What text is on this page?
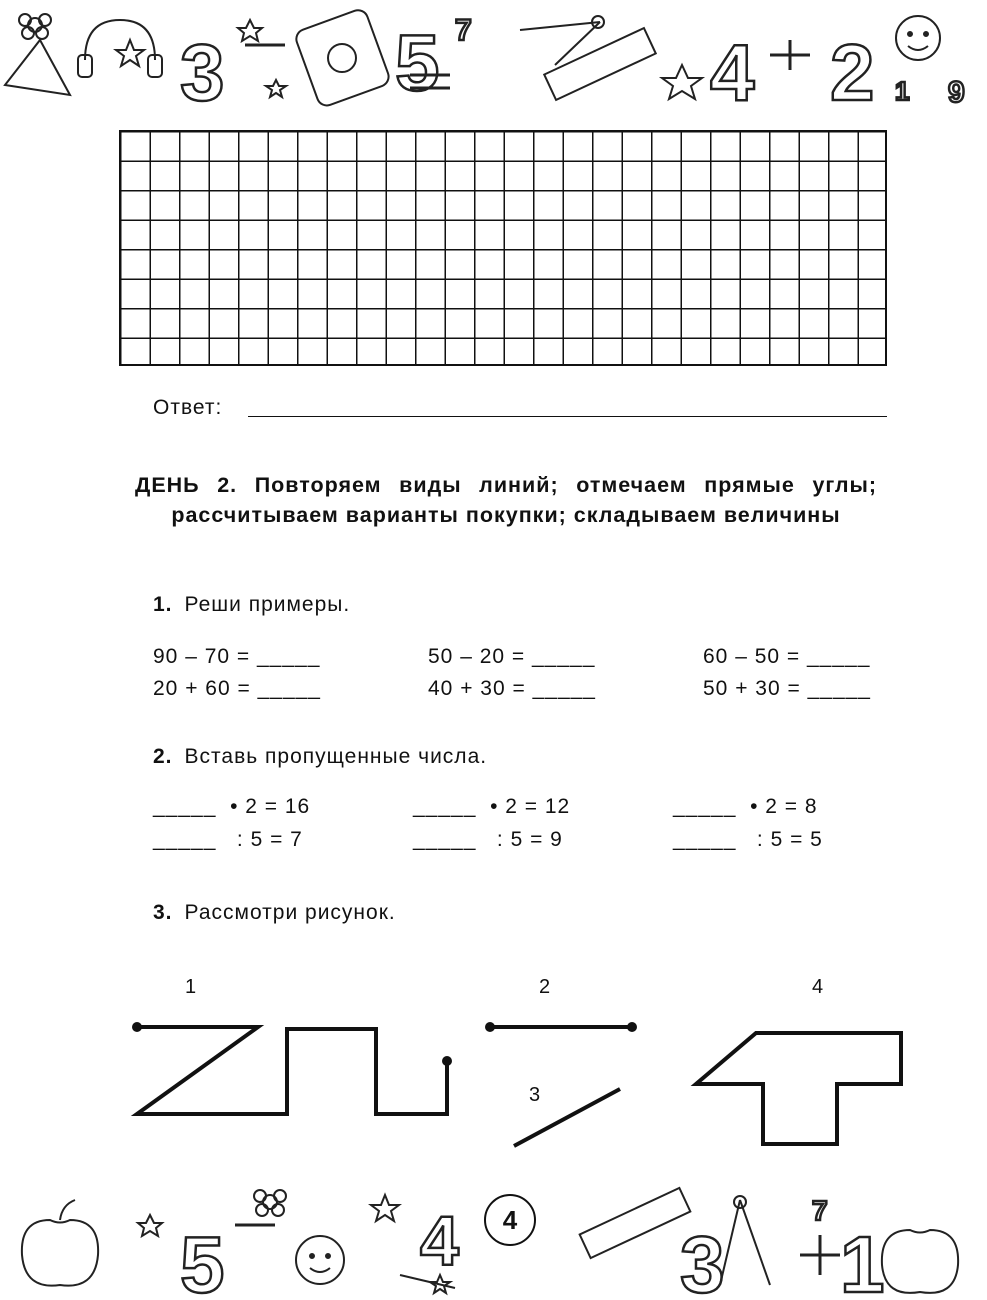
3 5	4 2
7
1 9
Ответ:
ДЕНЬ 2. Повторяем виды линий; отмечаем прямые углы; рассчитываем варианты покупки; складываем величины
1. Реши примеры.
90 – 70 = _____	50 – 20 = _____	60 – 50 = _____
20 + 60 = _____	40 + 30 = _____	50 + 30 = _____
2. Вставь пропущенные числа.
_____  • 2 = 16	_____  • 2 = 12	_____  • 2 = 8
_____   : 5 = 7	_____   : 5 = 9	_____   : 5 = 5
3. Рассмотри рисунок.
1	2
3
4
5	4	3 1
7
4
